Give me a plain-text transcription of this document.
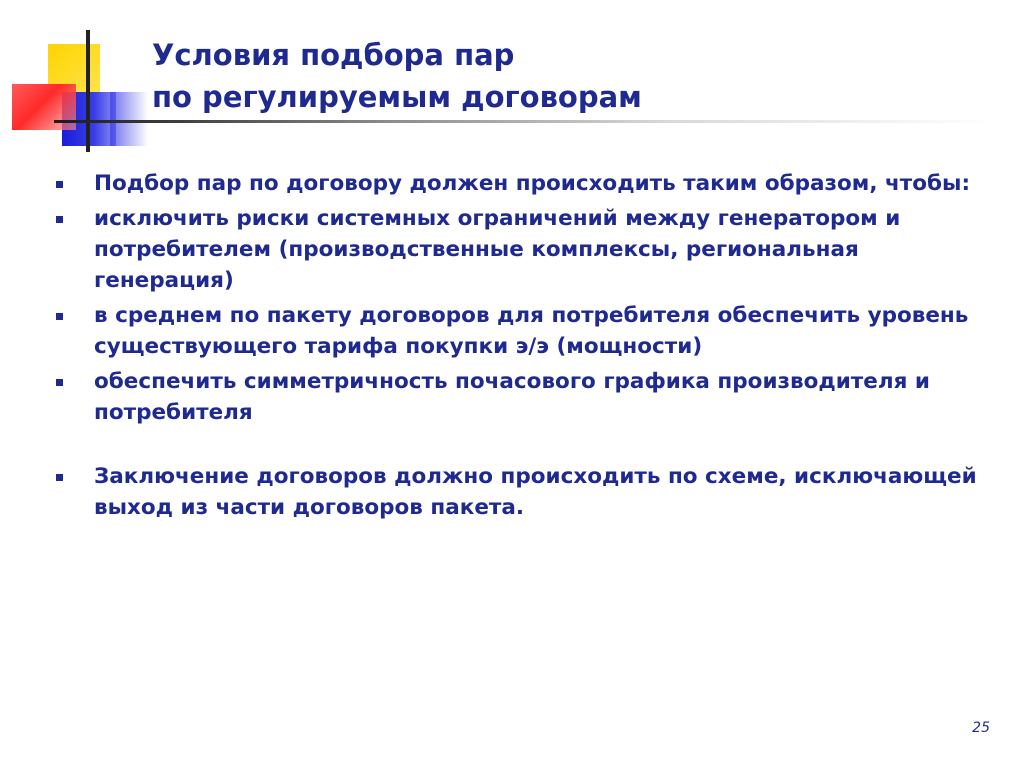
Условия подбора пар
по регулируемым договорам
Подбор пар по договору должен происходить таким образом, чтобы:
исключить риски системных ограничений между генератором и потребителем (производственные комплексы, региональная генерация)
в среднем по пакету договоров для потребителя обеспечить уровень существующего тарифа покупки э/э (мощности)
обеспечить симметричность почасового графика производителя и потребителя
Заключение договоров должно происходить по схеме, исключающей выход из части договоров пакета.
25
